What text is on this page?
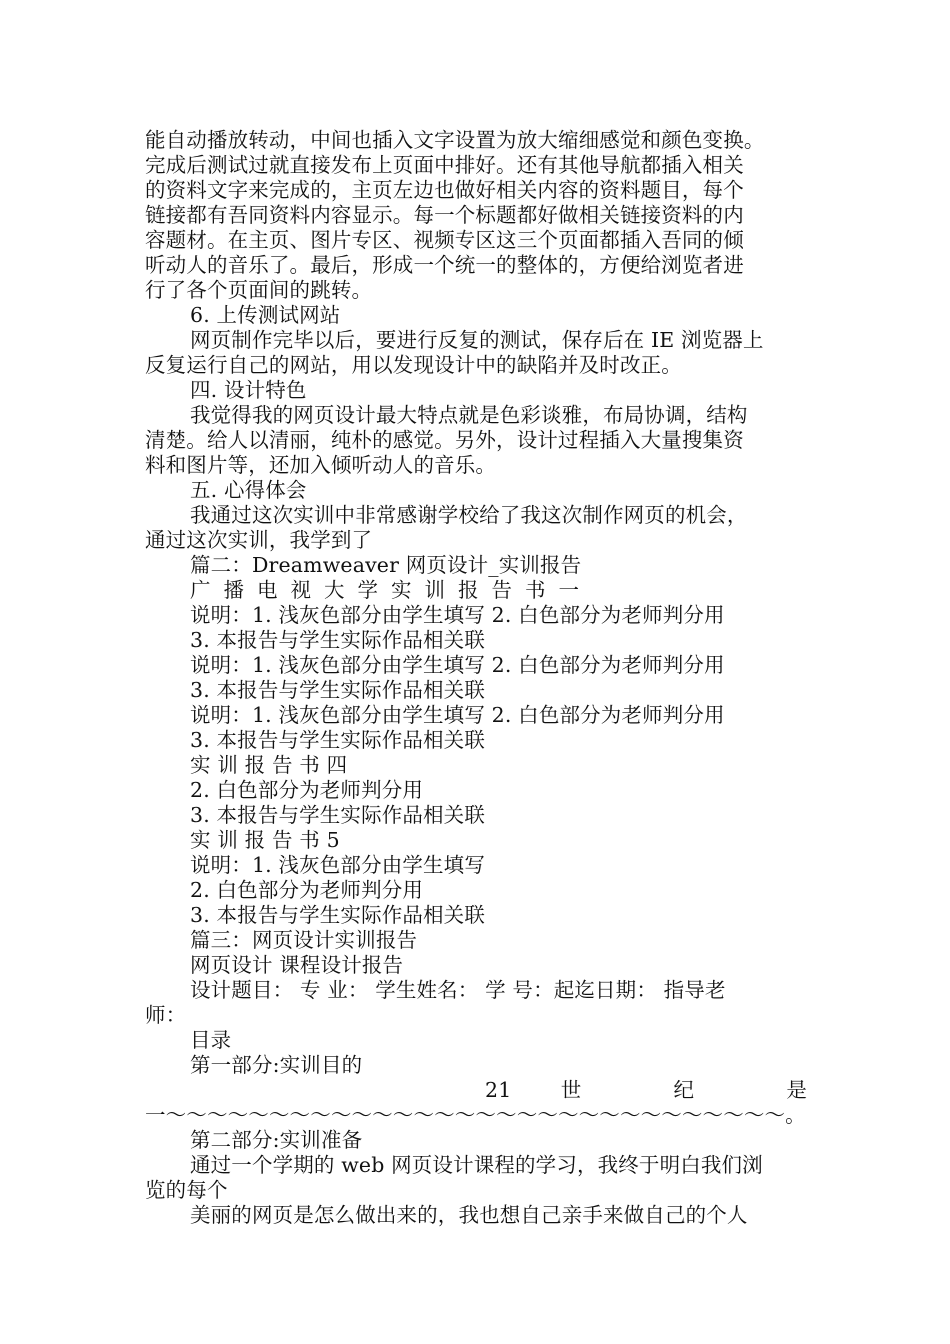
能自动播放转动，中间也插入文字设置为放大缩细感觉和颜色变换。
完成后测试过就直接发布上页面中排好。还有其他导航都插入相关
的资料文字来完成的，主页左边也做好相关内容的资料题目，每个
链接都有吾同资料内容显示。每一个标题都好做相关链接资料的内
容题材。在主页、图片专区、视频专区这三个页面都插入吾同的倾
听动人的音乐了。最后，形成一个统一的整体的，方便给浏览者进
行了各个页面间的跳转。
6. 上传测试网站
网页制作完毕以后，要进行反复的测试，保存后在 IE 浏览器上
反复运行自己的网站，用以发现设计中的缺陷并及时改正。
四. 设计特色
我觉得我的网页设计最大特点就是色彩谈雅，布局协调，结构
清楚。给人以清丽，纯朴的感觉。另外，设计过程插入大量搜集资
料和图片等，还加入倾听动人的音乐。
五. 心得体会
我通过这次实训中非常感谢学校给了我这次制作网页的机会，
通过这次实训，我学到了
篇二：Dreamweaver 网页设计_实训报告
广播电视大学实训报告书一
说明：1. 浅灰色部分由学生填写 2. 白色部分为老师判分用
3. 本报告与学生实际作品相关联
说明：1. 浅灰色部分由学生填写 2. 白色部分为老师判分用
3. 本报告与学生实际作品相关联
说明：1. 浅灰色部分由学生填写 2. 白色部分为老师判分用
3. 本报告与学生实际作品相关联
实 训 报 告 书 四
2. 白色部分为老师判分用
3. 本报告与学生实际作品相关联
实 训 报 告 书 5
说明：1. 浅灰色部分由学生填写
2. 白色部分为老师判分用
3. 本报告与学生实际作品相关联
篇三：网页设计实训报告
网页设计 课程设计报告
设计题目： 专 业： 学生姓名： 学 号：起迄日期： 指导老
师：
目录
第一部分:实训目的
21 世 纪 是
一～～～～～～～～～～～～～～～～～～～～～～～～～～～～～～。
第二部分:实训准备
通过一个学期的 web 网页设计课程的学习，我终于明白我们浏
览的每个
美丽的网页是怎么做出来的，我也想自己亲手来做自己的个人
